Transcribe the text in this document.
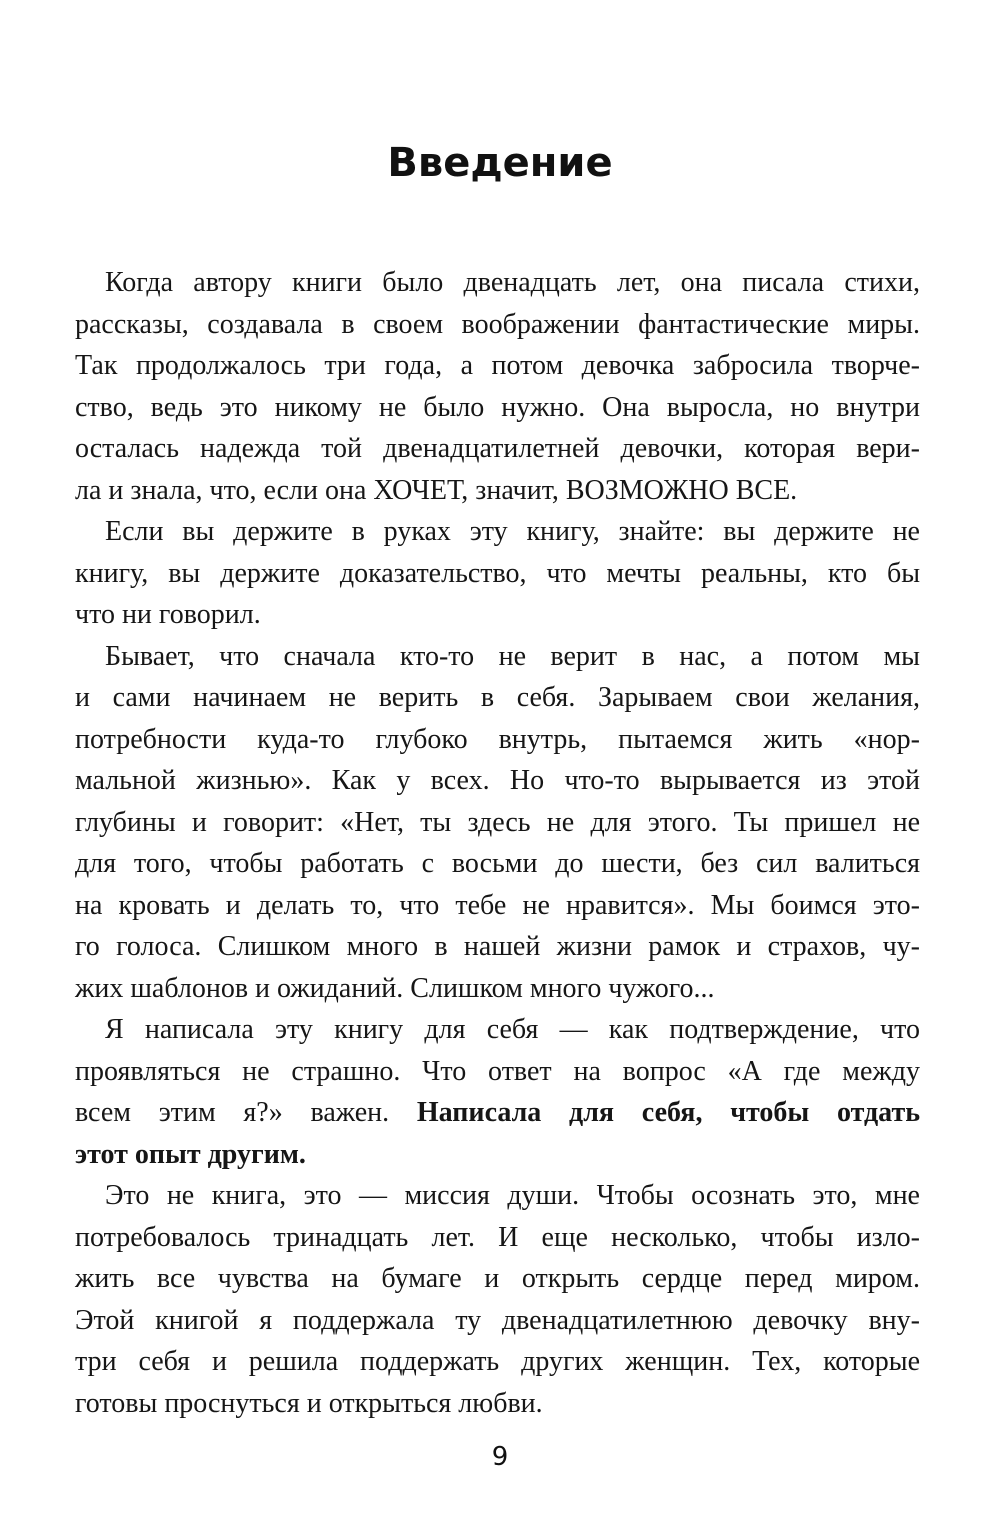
Введение
Когда автору книги было двенадцать лет, она писала стихи,
рассказы, создавала в своем воображении фантастические миры.
Так продолжалось три года, а потом девочка забросила творче-
ство, ведь это никому не было нужно. Она выросла, но внутри
осталась надежда той двенадцатилетней девочки, которая вери-
ла и знала, что, если она ХОЧЕТ, значит, ВОЗМОЖНО ВСЕ.
Если вы держите в руках эту книгу, знайте: вы держите не
книгу, вы держите доказательство, что мечты реальны, кто бы
что ни говорил.
Бывает, что сначала кто-то не верит в нас, а потом мы
и сами начинаем не верить в себя. Зарываем свои желания,
потребности куда-то глубоко внутрь, пытаемся жить «нор-
мальной жизнью». Как у всех. Но что-то вырывается из этой
глубины и говорит: «Нет, ты здесь не для этого. Ты пришел не
для того, чтобы работать с восьми до шести, без сил валиться
на кровать и делать то, что тебе не нравится». Мы боимся это-
го голоса. Слишком много в нашей жизни рамок и страхов, чу-
жих шаблонов и ожиданий. Слишком много чужого...
Я написала эту книгу для себя — как подтверждение, что
проявляться не страшно. Что ответ на вопрос «А где между
всем этим я?» важен. Написала для себя, чтобы отдать
этот опыт другим.
Это не книга, это — миссия души. Чтобы осознать это, мне
потребовалось тринадцать лет. И еще несколько, чтобы изло-
жить все чувства на бумаге и открыть сердце перед миром.
Этой книгой я поддержала ту двенадцатилетнюю девочку вну-
три себя и решила поддержать других женщин. Тех, которые
готовы проснуться и открыться любви.
9
